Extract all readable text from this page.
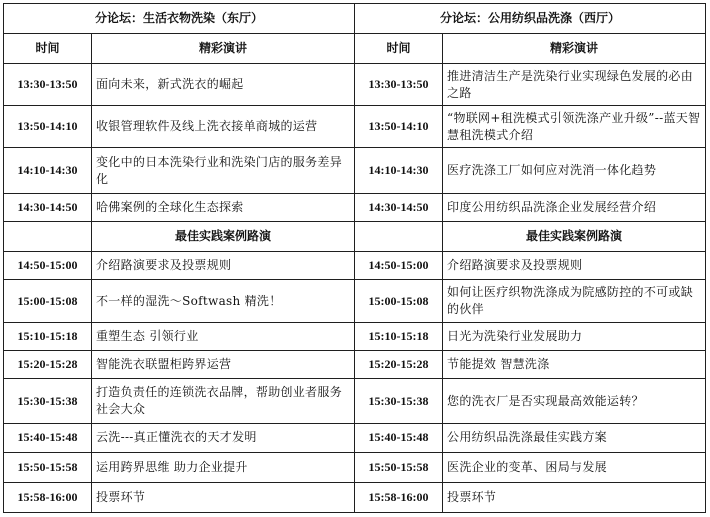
分论坛：生活衣物洗染（东厅）		分论坛：公用纺织品洗涤（西厅）	
时间	精彩演讲	时间	精彩演讲
13:30-13:50	面向未来，新式洗衣的崛起	13:30-13:50	推进清洁生产是洗染行业实现绿色发展的必由之路
13:50-14:10	收银管理软件及线上洗衣接单商城的运营	13:50-14:10	“物联网+租洗模式引领洗涤产业升级”--蓝天智慧租洗模式介绍
14:10-14:30	变化中的日本洗染行业和洗染门店的服务差异化	14:10-14:30	医疗洗涤工厂如何应对洗消一体化趋势
14:30-14:50	哈佛案例的全球化生态探索	14:30-14:50	印度公用纺织品洗涤企业发展经营介绍
	最佳实践案例路演		最佳实践案例路演
14:50-15:00	介绍路演要求及投票规则	14:50-15:00	介绍路演要求及投票规则
15:00-15:08	不一样的湿洗～Softwash 精洗！	15:00-15:08	如何让医疗织物洗涤成为院感防控的不可或缺的伙伴
15:10-15:18	重塑生态 引领行业	15:10-15:18	日光为洗染行业发展助力
15:20-15:28	智能洗衣联盟柜跨界运营	15:20-15:28	节能提效 智慧洗涤
15:30-15:38	打造负责任的连锁洗衣品牌，帮助创业者服务社会大众	15:30-15:38	您的洗衣厂是否实现最高效能运转？
15:40-15:48	云洗---真正懂洗衣的天才发明	15:40-15:48	公用纺织品洗涤最佳实践方案
15:50-15:58	运用跨界思维 助力企业提升	15:50-15:58	医洗企业的变革、困局与发展
15:58-16:00	投票环节	15:58-16:00	投票环节
